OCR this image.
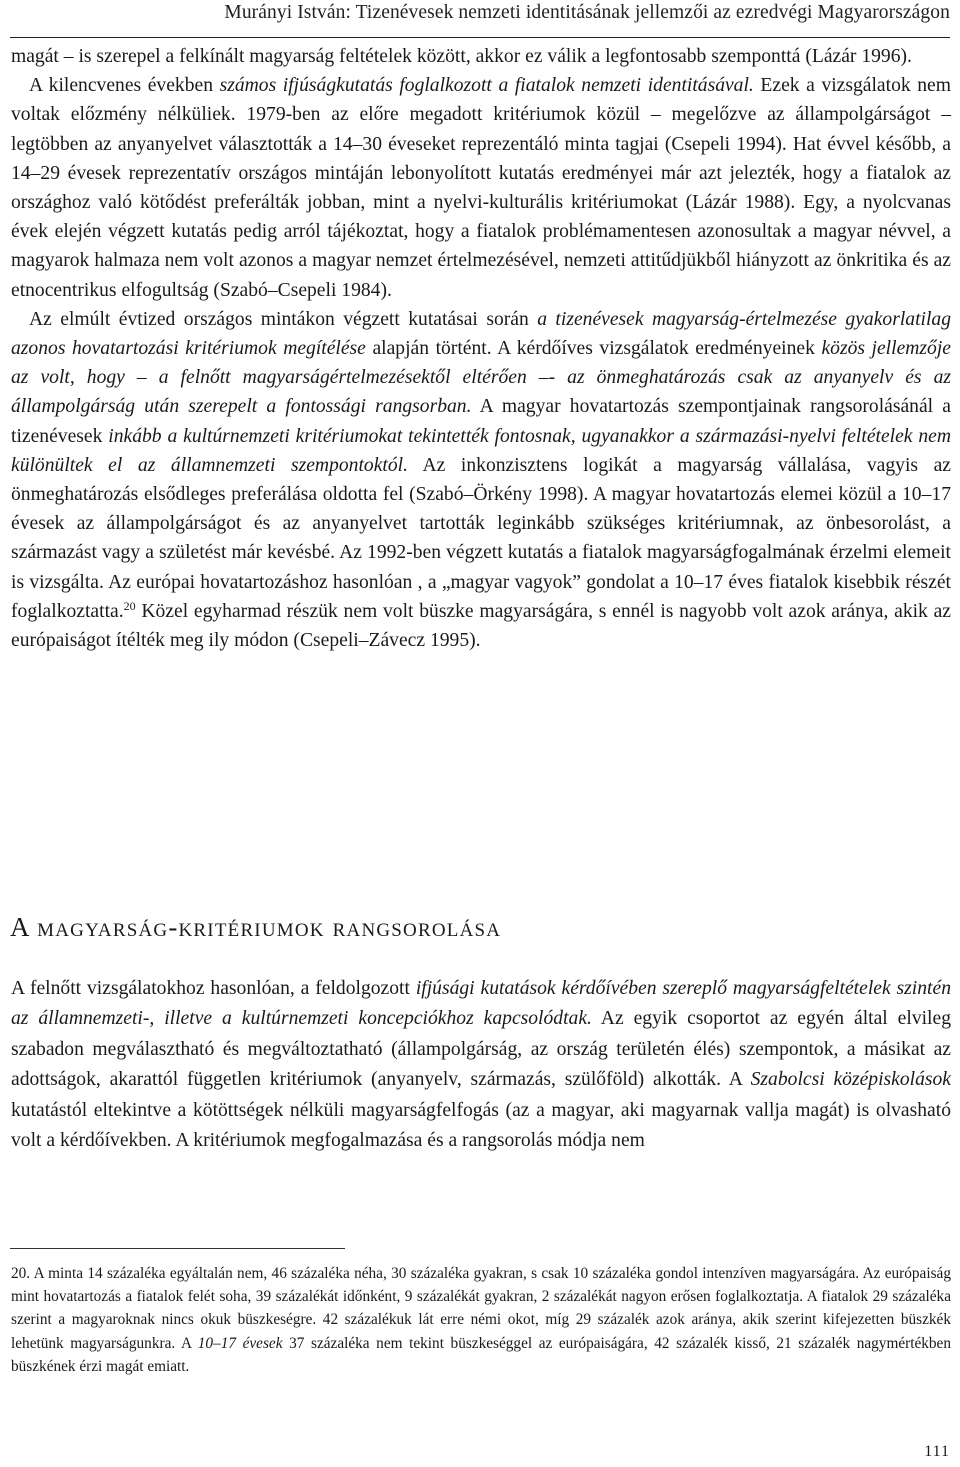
Murányi István: Tizenévesek nemzeti identitásának jellemzői az ezredvégi Magyarországon

magát – is szerepel a felkínált magyarság feltételek között, akkor ez válik a legfontosabb szemponttá (Lázár 1996).

A kilencvenes években számos ifjúságkutatás foglalkozott a fiatalok nemzeti identitásával. Ezek a vizsgálatok nem voltak előzmény nélküliek. 1979-ben az előre megadott kritériumok közül – megelőzve az állampolgárságot – legtöbben az anyanyelvet választották a 14–30 éveseket reprezentáló minta tagjai (Csepeli 1994). Hat évvel később, a 14–29 évesek reprezentatív országos mintáján lebonyolított kutatás eredményei már azt jelezték, hogy a fiatalok az országhoz való kötődést preferálták jobban, mint a nyelvi-kulturális kritériumokat (Lázár 1988). Egy, a nyolcvanas évek elején végzett kutatás pedig arról tájékoztat, hogy a fiatalok problémamentesen azonosultak a magyar névvel, a magyarok halmaza nem volt azonos a magyar nemzet értelmezésével, nemzeti attitűdjükből hiányzott az önkritika és az etnocentrikus elfogultság (Szabó–Csepeli 1984).

Az elmúlt évtized országos mintákon végzett kutatásai során a tizenévesek magyarság-értelmezése gyakorlatilag azonos hovatartozási kritériumok megítélése alapján történt. A kérdőíves vizsgálatok eredményeinek közös jellemzője az volt, hogy – a felnőtt magyarságértelmezésektől eltérően –- az önmeghatározás csak az anyanyelv és az állampolgárság után szerepelt a fontossági rangsorban. A magyar hovatartozás szempontjainak rangsorolásánál a tizenévesek inkább a kultúrnemzeti kritériumokat tekintették fontosnak, ugyanakkor a származási-nyelvi feltételek nem különültek el az államnemzeti szempontoktól. Az inkonzisztens logikát a magyarság vállalása, vagyis az önmeghatározás elsődleges preferálása oldotta fel (Szabó–Örkény 1998). A magyar hovatartozás elemei közül a 10–17 évesek az állampolgárságot és az anyanyelvet tartották leginkább szükséges kritériumnak, az önbesorolást, a származást vagy a születést már kevésbé. Az 1992-ben végzett kutatás a fiatalok magyarságfogalmának érzelmi elemeit is vizsgálta. Az európai hovatartozáshoz hasonlóan , a „magyar vagyok” gondolat a 10–17 éves fiatalok kisebbik részét foglalkoztatta.$^{20}$ Közel egyharmad részük nem volt büszke magyarságára, s ennél is nagyobb volt azok aránya, akik az európaiságot ítélték meg ily módon (Csepeli–Závecz 1995).

A magyarság-kritériumok rangsorolása

A felnőtt vizsgálatokhoz hasonlóan, a feldolgozott ifjúsági kutatások kérdőívében szereplő magyarságfeltételek szintén az államnemzeti-, illetve a kultúrnemzeti koncepciókhoz kapcsolódtak. Az egyik csoportot az egyén által elvileg szabadon megválasztható és megváltoztatható (állampolgárság, az ország területén élés) szempontok, a másikat az adottságok, akarattól független kritériumok (anyanyelv, származás, szülőföld) alkották. A Szabolcsi középiskolások kutatástól eltekintve a kötöttségek nélküli magyarságfelfogás (az a magyar, aki magyarnak vallja magát) is olvasható volt a kérdőívekben. A kritériumok megfogalmazása és a rangsorolás módja nem

20. A minta 14 százaléka egyáltalán nem, 46 százaléka néha, 30 százaléka gyakran, s csak 10 százaléka gondol intenzíven magyarságára. Az európaiság mint hovatartozás a fiatalok felét soha, 39 százalékát időnként, 9 százalékát gyakran, 2 százalékát nagyon erősen foglalkoztatja. A fiatalok 29 százaléka szerint a magyaroknak nincs okuk büszkeségre. 42 százalékuk lát erre némi okot, míg 29 százalék azok aránya, akik szerint kifejezetten büszkék lehetünk magyarságunkra. A 10–17 évesek 37 százaléka nem tekint büszkeséggel az európaiságára, 42 százalék kisső, 21 százalék nagymértékben büszkének érzi magát emiatt.

111
